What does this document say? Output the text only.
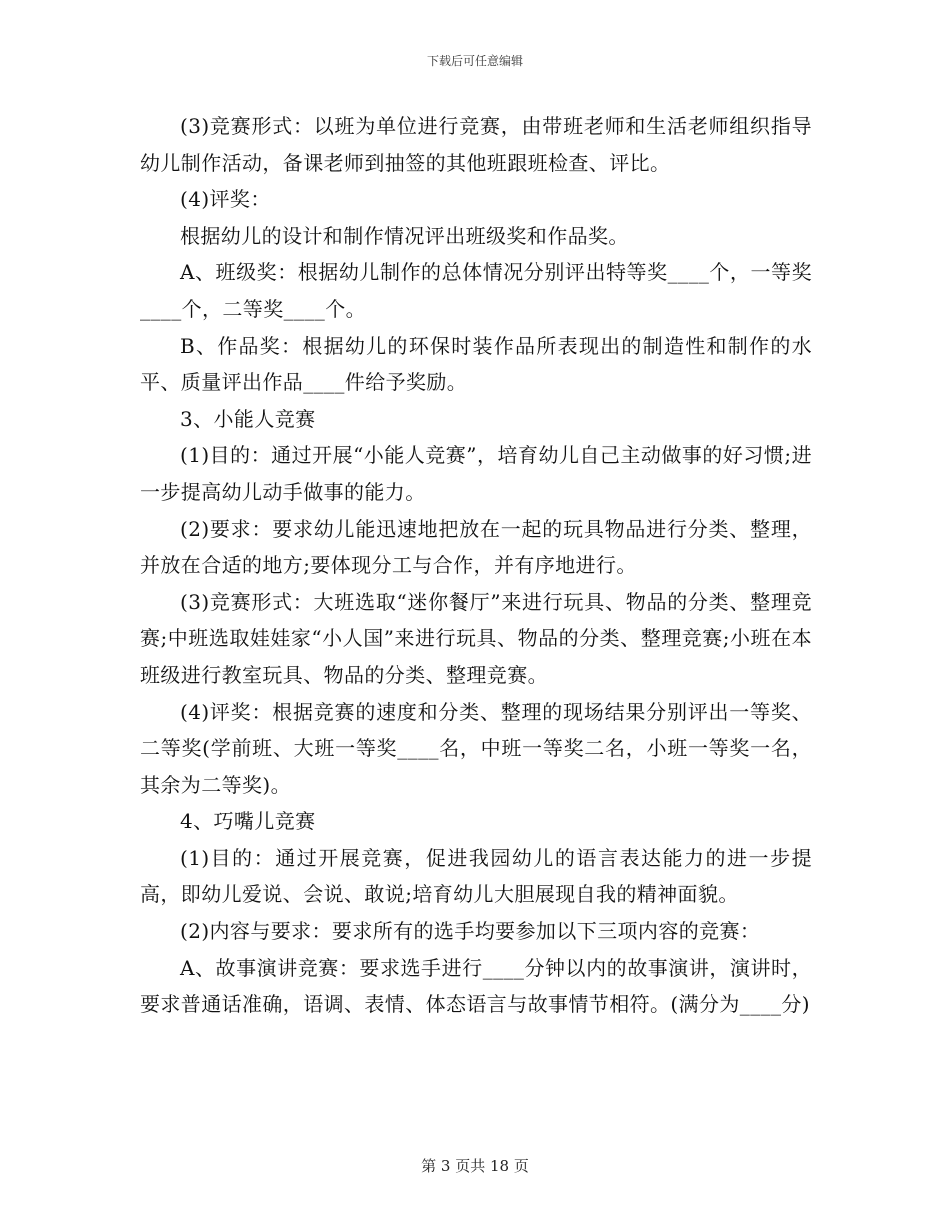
下载后可任意编辑

(3)竞赛形式：以班为单位进行竞赛，由带班老师和生活老师组织指导幼儿制作活动，备课老师到抽签的其他班跟班检查、评比。

(4)评奖：

根据幼儿的设计和制作情况评出班级奖和作品奖。

A、班级奖：根据幼儿制作的总体情况分别评出特等奖____个，一等奖____个，二等奖____个。

B、作品奖：根据幼儿的环保时装作品所表现出的制造性和制作的水平、质量评出作品____件给予奖励。

3、小能人竞赛

(1)目的：通过开展“小能人竞赛”，培育幼儿自己主动做事的好习惯;进一步提高幼儿动手做事的能力。

(2)要求：要求幼儿能迅速地把放在一起的玩具物品进行分类、整理，并放在合适的地方;要体现分工与合作，并有序地进行。

(3)竞赛形式：大班选取“迷你餐厅”来进行玩具、物品的分类、整理竞赛;中班选取娃娃家“小人国”来进行玩具、物品的分类、整理竞赛;小班在本班级进行教室玩具、物品的分类、整理竞赛。

(4)评奖：根据竞赛的速度和分类、整理的现场结果分别评出一等奖、二等奖(学前班、大班一等奖____名，中班一等奖二名，小班一等奖一名，其余为二等奖)。

4、巧嘴儿竞赛

(1)目的：通过开展竞赛，促进我园幼儿的语言表达能力的进一步提高，即幼儿爱说、会说、敢说;培育幼儿大胆展现自我的精神面貌。

(2)内容与要求：要求所有的选手均要参加以下三项内容的竞赛：

A、故事演讲竞赛：要求选手进行____分钟以内的故事演讲，演讲时，要求普通话准确，语调、表情、体态语言与故事情节相符。(满分为____分)

第 3 页共 18 页
